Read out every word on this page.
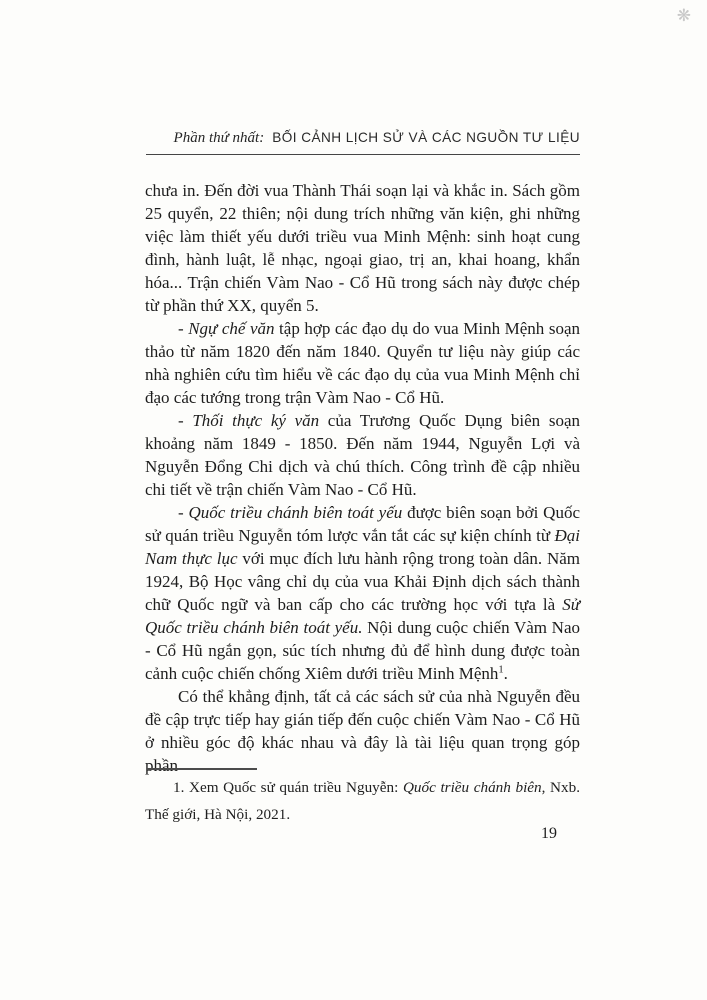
❋
Phần thứ nhất: BỐI CẢNH LỊCH SỬ VÀ CÁC NGUỒN TƯ LIỆU

chưa in. Đến đời vua Thành Thái soạn lại và khắc in. Sách gồm 25 quyển, 22 thiên; nội dung trích những văn kiện, ghi những việc làm thiết yếu dưới triều vua Minh Mệnh: sinh hoạt cung đình, hành luật, lễ nhạc, ngoại giao, trị an, khai hoang, khẩn hóa... Trận chiến Vàm Nao - Cổ Hũ trong sách này được chép từ phần thứ XX, quyển 5.

- Ngự chế văn tập hợp các đạo dụ do vua Minh Mệnh soạn thảo từ năm 1820 đến năm 1840. Quyển tư liệu này giúp các nhà nghiên cứu tìm hiểu về các đạo dụ của vua Minh Mệnh chỉ đạo các tướng trong trận Vàm Nao - Cổ Hũ.

- Thối thực ký văn của Trương Quốc Dụng biên soạn khoảng năm 1849 - 1850. Đến năm 1944, Nguyễn Lợi và Nguyễn Đổng Chi dịch và chú thích. Công trình đề cập nhiều chi tiết về trận chiến Vàm Nao - Cổ Hũ.

- Quốc triều chánh biên toát yếu được biên soạn bởi Quốc sử quán triều Nguyễn tóm lược vắn tắt các sự kiện chính từ Đại Nam thực lục với mục đích lưu hành rộng trong toàn dân. Năm 1924, Bộ Học vâng chỉ dụ của vua Khải Định dịch sách thành chữ Quốc ngữ và ban cấp cho các trường học với tựa là Sử Quốc triều chánh biên toát yếu. Nội dung cuộc chiến Vàm Nao - Cổ Hũ ngắn gọn, súc tích nhưng đủ để hình dung được toàn cảnh cuộc chiến chống Xiêm dưới triều Minh Mệnh$^1$.

Có thể khẳng định, tất cả các sách sử của nhà Nguyễn đều đề cập trực tiếp hay gián tiếp đến cuộc chiến Vàm Nao - Cổ Hũ ở nhiều góc độ khác nhau và đây là tài liệu quan trọng góp phần

1. Xem Quốc sử quán triều Nguyễn: Quốc triều chánh biên, Nxb. Thế giới, Hà Nội, 2021.

19
